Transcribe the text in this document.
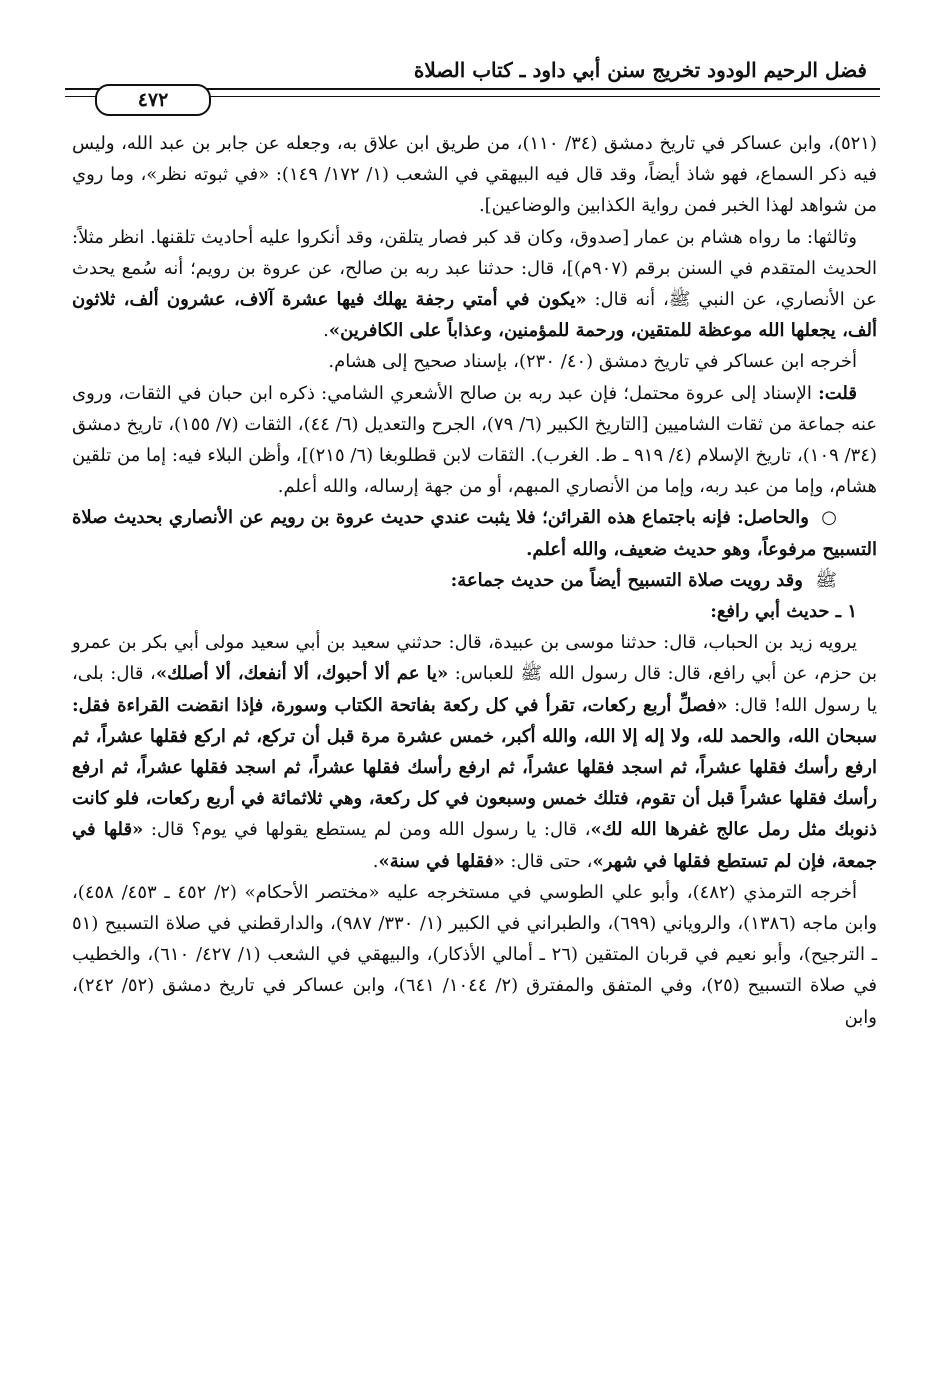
فضل الرحيم الودود تخريج سنن أبي داود ـ كتاب الصلاة
٤٧٢

(٥٢١)، وابن عساكر في تاريخ دمشق (٣٤/ ١١٠)، من طريق ابن علاق به، وجعله عن جابر بن عبد الله، وليس فيه ذكر السماع، فهو شاذ أيضاً، وقد قال فيه البيهقي في الشعب (١/ ١٧٢/ ١٤٩): «في ثبوته نظر»، وما روي من شواهد لهذا الخبر فمن رواية الكذابين والوضاعين].

وثالثها: ما رواه هشام بن عمار [صدوق، وكان قد كبر فصار يتلقن، وقد أنكروا عليه أحاديث تلقنها. انظر مثلاً: الحديث المتقدم في السنن برقم (٩٠٧م)]، قال: حدثنا عبد ربه بن صالح، عن عروة بن رويم؛ أنه سُمع يحدث عن الأنصاري، عن النبي ﷺ، أنه قال: «يكون في أمتي رجفة يهلك فيها عشرة آلاف، عشرون ألف، ثلاثون ألف، يجعلها الله موعظة للمتقين، ورحمة للمؤمنين، وعذاباً على الكافرين».

أخرجه ابن عساكر في تاريخ دمشق (٤٠/ ٢٣٠)، بإسناد صحيح إلى هشام.

قلت: الإسناد إلى عروة محتمل؛ فإن عبد ربه بن صالح الأشعري الشامي: ذكره ابن حبان في الثقات، وروى عنه جماعة من ثقات الشاميين [التاريخ الكبير (٦/ ٧٩)، الجرح والتعديل (٦/ ٤٤)، الثقات (٧/ ١٥٥)، تاريخ دمشق (٣٤/ ١٠٩)، تاريخ الإسلام (٤/ ٩١٩ ـ ط. الغرب). الثقات لابن قطلوبغا (٦/ ٢١٥)]، وأظن البلاء فيه: إما من تلقين هشام، وإما من عبد ربه، وإما من الأنصاري المبهم، أو من جهة إرساله، والله أعلم.

○ والحاصل: فإنه باجتماع هذه القرائن؛ فلا يثبت عندي حديث عروة بن رويم عن الأنصاري بحديث صلاة التسبيح مرفوعاً، وهو حديث ضعيف، والله أعلم.

ﷺ وقد رويت صلاة التسبيح أيضاً من حديث جماعة:

١ ـ حديث أبي رافع:

يرويه زيد بن الحباب، قال: حدثنا موسى بن عبيدة، قال: حدثني سعيد بن أبي سعيد مولى أبي بكر بن عمرو بن حزم، عن أبي رافع، قال: قال رسول الله ﷺ للعباس: «يا عم ألا أحبوك، ألا أنفعك، ألا أصلك»، قال: بلى، يا رسول الله! قال: «فصلِّ أربع ركعات، تقرأ في كل ركعة بفاتحة الكتاب وسورة، فإذا انقضت القراءة فقل: سبحان الله، والحمد لله، ولا إله إلا الله، والله أكبر، خمس عشرة مرة قبل أن تركع، ثم اركع فقلها عشراً، ثم ارفع رأسك فقلها عشراً، ثم اسجد فقلها عشراً، ثم ارفع رأسك فقلها عشراً، ثم اسجد فقلها عشراً، ثم ارفع رأسك فقلها عشراً قبل أن تقوم، فتلك خمس وسبعون في كل ركعة، وهي ثلاثمائة في أربع ركعات، فلو كانت ذنوبك مثل رمل عالج غفرها الله لك»، قال: يا رسول الله ومن لم يستطع يقولها في يوم؟ قال: «قلها في جمعة، فإن لم تستطع فقلها في شهر»، حتى قال: «فقلها في سنة».

أخرجه الترمذي (٤٨٢)، وأبو علي الطوسي في مستخرجه عليه «مختصر الأحكام» (٢/ ٤٥٢ ـ ٤٥٣/ ٤٥٨)، وابن ماجه (١٣٨٦)، والروياني (٦٩٩)، والطبراني في الكبير (١/ ٣٣٠/ ٩٨٧)، والدارقطني في صلاة التسبيح (٥١ ـ الترجيح)، وأبو نعيم في قربان المتقين (٢٦ ـ أمالي الأذكار)، والبيهقي في الشعب (١/ ٤٢٧/ ٦١٠)، والخطيب في صلاة التسبيح (٢٥)، وفي المتفق والمفترق (٢/ ١٠٤٤/ ٦٤١)، وابن عساكر في تاريخ دمشق (٥٢/ ٢٤٢)، وابن
